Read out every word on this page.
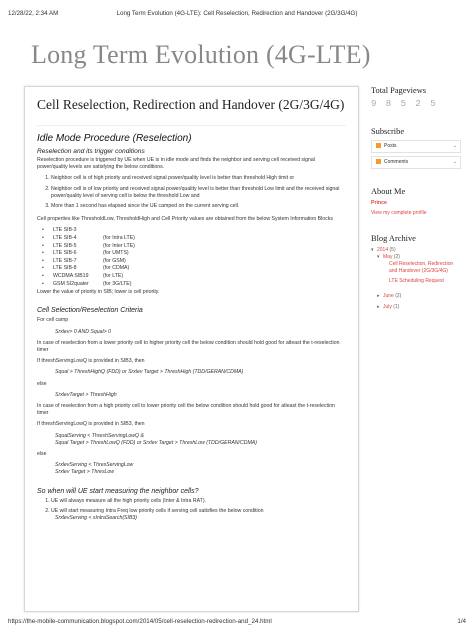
12/28/22, 2:34 AM	Long Term Evolution (4G-LTE): Cell Reselection, Redirection and Handover (2G/3G/4G)
Long Term Evolution (4G-LTE)
Cell Reselection, Redirection and Handover (2G/3G/4G)
Idle Mode Procedure (Reselection)
Reselection and its trigger conditions

Reselection procedure is triggered by UE when UE is in idle mode and finds the neighbor and serving cell received signal power/quality levels are satisfying the below conditions.

1. Neighbor cell is of high priority and received signal power/quality level is better than threshold High timit or
2. Neighbor cell is of low priority and received signal power/quality level is better than threshold Low limit and the received signal power/quality level of serving cell is below the threshold Low and
3. More than 1 second has elapsed since the UE camped on the current serving cell.

Cell properties like ThresholdLow, ThresholdHigh and Cell Priority values are obtained from the below System Information Blocks

• LTE SIB-3
• LTE SIB-4	(for Intra LTE)
• LTE SIB-5	(for Inter LTE)
• LTE SIB-6	(for UMTS)
• LTE SIB-7	(for GSM)
• LTE SIB-8	(for CDMA)
• WCDMA SIB19	(for LTE)
• GSM SI2quater	(for 3G/LTE)

Lower the value of priority in SIB; lower is cell priority.

Cell Selection/Reselection Criteria

For cell camp

Srxlev> 0 AND Squal> 0

In case of reselection from a lower priority cell to higher priority cell the below condition should hold good for atleast the t-reselection timer

If threshServingLowQ is provided in SIB3, then

Squal > ThreshHighQ (FDD) or Srxlev Target > ThreshHigh (TDD/GERAN/CDMA)

else

SrxlevTarget > ThreshHigh

In case of reselection from a high priority cell to lower priority cell the below condition should hold good for atleast the t-reselection timer

If threshServingLowQ is provided in SIB3, then

SqualServing < ThreshServingLowQ &

Squal Target > ThreshLowQ (FDD) or Srxlev Target > ThreshLow (TDD/GERAN/CDMA)

else

SrxlevServing < ThresServingLow

Srxlev Target > ThresLow

So when will UE start measuring the neighbor cells?
1. UE will always measure all the high priority cells (Inter & Intra RAT).
2. UE will start measuring Intra Freq low priority cells if serving cell satisfies the below condition
SrxlevServing < sIntraSearch(SIB3)
Total Pageviews
9 8 5 2 5
Subscribe
Posts	⌄
Comments	⌄
About Me
Prince
View my complete profile
Blog Archive
▾ 2014 (5)
▾ May (2)
Cell Reselection, Redirection and Handover (2G/3G/4G)
LTE Scheduling Request
▸ June (2)
▸ July (1)
https://the-mobile-communication.blogspot.com/2014/05/cell-reselection-redirection-and_24.html	1/4
